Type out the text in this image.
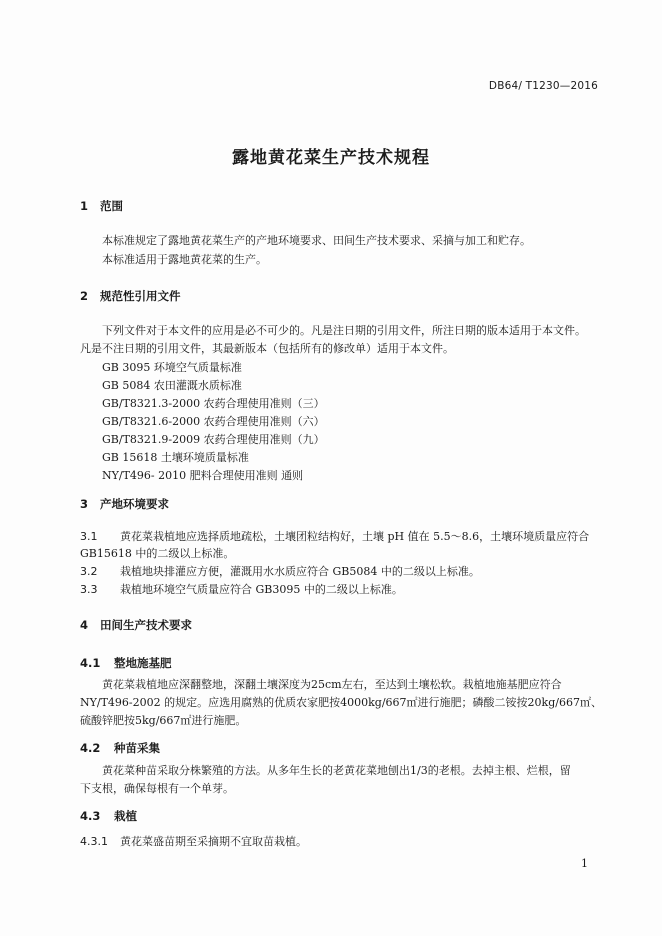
DB64/ T1230—2016
露地黄花菜生产技术规程
1 范围
本标准规定了露地黄花菜生产的产地环境要求、田间生产技术要求、采摘与加工和贮存。
本标准适用于露地黄花菜的生产。
2 规范性引用文件
下列文件对于本文件的应用是必不可少的。凡是注日期的引用文件，所注日期的版本适用于本文件。
凡是不注日期的引用文件，其最新版本（包括所有的修改单）适用于本文件。
GB 3095 环境空气质量标准
GB 5084 农田灌溉水质标准
GB/T8321.3-2000 农药合理使用准则（三）
GB/T8321.6-2000 农药合理使用准则（六）
GB/T8321.9-2009 农药合理使用准则（九）
GB 15618 土壤环境质量标准
NY/T496- 2010 肥料合理使用准则 通则
3 产地环境要求
3.1 黄花菜栽植地应选择质地疏松，土壤团粒结构好，土壤 pH 值在 5.5～8.6，土壤环境质量应符合
GB15618 中的二级以上标准。
3.2 栽植地块排灌应方便，灌溉用水水质应符合 GB5084 中的二级以上标准。
3.3 栽植地环境空气质量应符合 GB3095 中的二级以上标准。
4 田间生产技术要求
4.1 整地施基肥
黄花菜栽植地应深翻整地，深翻土壤深度为25cm左右，至达到土壤松软。栽植地施基肥应符合
NY/T496-2002 的规定。应选用腐熟的优质农家肥按4000kg/667㎡进行施肥；磷酸二铵按20kg/667㎡、
硫酸锌肥按5kg/667㎡进行施肥。
4.2 种苗采集
黄花菜种苗采取分株繁殖的方法。从多年生长的老黄花菜地刨出1/3的老根。去掉主根、烂根，留
下支根，确保每根有一个单芽。
4.3 栽植
4.3.1 黄花菜盛苗期至采摘期不宜取苗栽植。
1
